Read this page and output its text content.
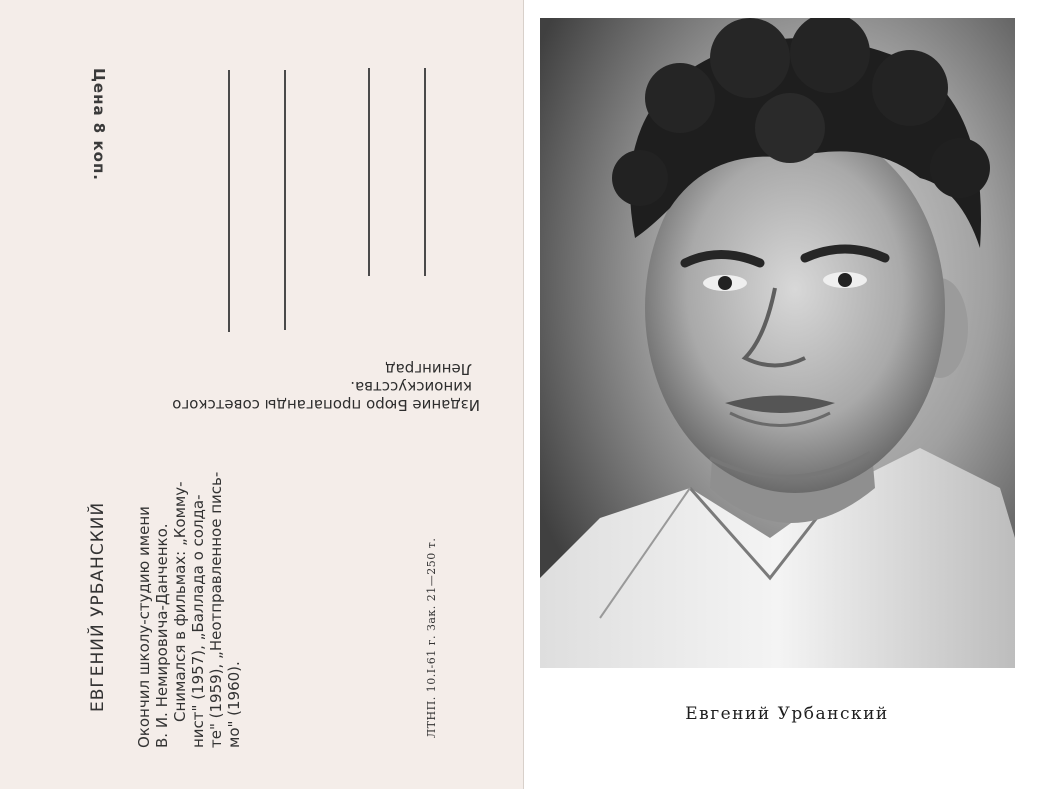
Цена 8 коп.
Издание Бюро пропаганды советского
киноискусства.
Ленинград
ЕВГЕНИЙ УРБАНСКИЙ Окончил школу-студию имени В. И. Немировича-Данченко. Снимался в фильмах: „Комму- нист" (1957), „Баллада о солда- те" (1959), „Неотправленное пись- мо" (1960).	ЛТНП. 10.I-61 г. Зак. 21—250 т.	Евгений Урбанский
